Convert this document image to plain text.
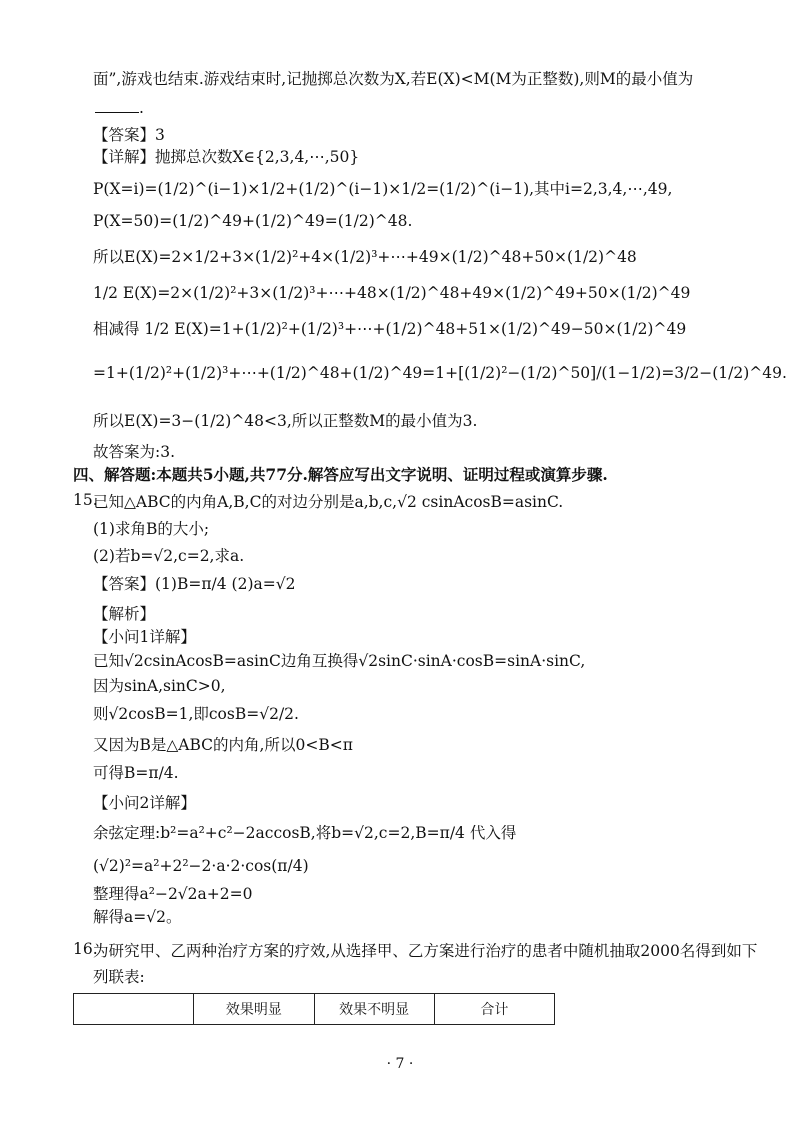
面”,游戏也结束.游戏结束时,记抛掷总次数为X,若E(X)<M(M为正整数),则M的最小值为
.
【答案】3
【详解】抛掷总次数X∈{2,3,4,⋯,50}
P(X=i)=(1/2)^(i−1)×1/2+(1/2)^(i−1)×1/2=(1/2)^(i−1),其中i=2,3,4,⋯,49,
P(X=50)=(1/2)^49+(1/2)^49=(1/2)^48.
所以E(X)=2×1/2+3×(1/2)²+4×(1/2)³+⋯+49×(1/2)^48+50×(1/2)^48
1/2 E(X)=2×(1/2)²+3×(1/2)³+⋯+48×(1/2)^48+49×(1/2)^49+50×(1/2)^49
相减得 1/2 E(X)=1+(1/2)²+(1/2)³+⋯+(1/2)^48+51×(1/2)^49−50×(1/2)^49
=1+(1/2)²+(1/2)³+⋯+(1/2)^48+(1/2)^49=1+[(1/2)²−(1/2)^50]/(1−1/2)=3/2−(1/2)^49.
所以E(X)=3−(1/2)^48<3,所以正整数M的最小值为3.
故答案为:3.
四、解答题:本题共5小题,共77分.解答应写出文字说明、证明过程或演算步骤.
15.
已知△ABC的内角A,B,C的对边分别是a,b,c,√2 csinAcosB=asinC.
(1)求角B的大小;
(2)若b=√2,c=2,求a.
【答案】(1)B=π/4 (2)a=√2
【解析】
【小问1详解】
已知√2csinAcosB=asinC边角互换得√2sinC·sinA·cosB=sinA·sinC,
因为sinA,sinC>0,
则√2cosB=1,即cosB=√2/2.
又因为B是△ABC的内角,所以0<B<π
可得B=π/4.
【小问2详解】
余弦定理:b²=a²+c²−2accosB,将b=√2,c=2,B=π/4 代入得
(√2)²=a²+2²−2·a·2·cos(π/4)
整理得a²−2√2a+2=0
解得a=√2。
16.
为研究甲、乙两种治疗方案的疗效,从选择甲、乙方案进行治疗的患者中随机抽取2000名得到如下
列联表:
效果明显	效果不明显	合计
· 7 ·
